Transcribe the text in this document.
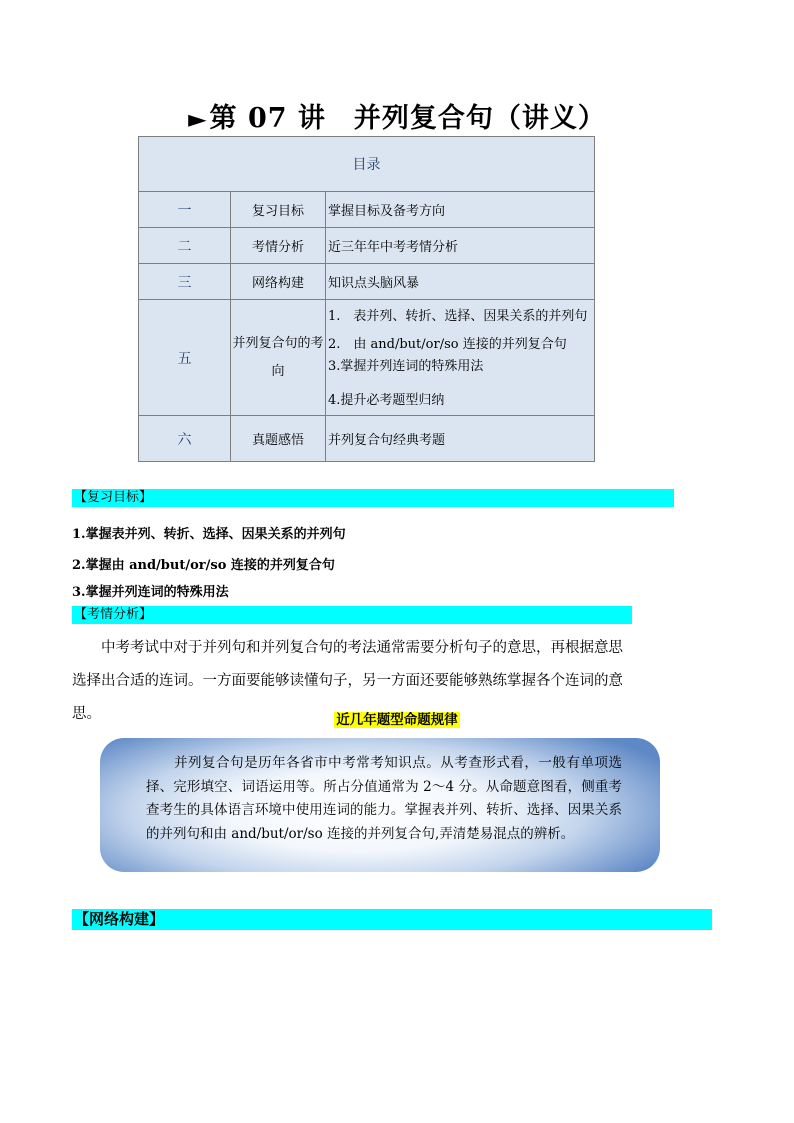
►第 07 讲　并列复合句（讲义）
目录		
一	复习目标	掌握目标及备考方向
二	考情分析	近三年年中考考情分析
三	网络构建	知识点头脑风暴
五	并列复合句的考向	1.　表并列、转折、选择、因果关系的并列句
2.　由 and/but/or/so 连接的并列复合句
3.掌握并列连词的特殊用法
4.提升必考题型归纳

六	真题感悟	并列复合句经典考题
【复习目标】
1.掌握表并列、转折、选择、因果关系的并列句
2.掌握由 and/but/or/so 连接的并列复合句
3.掌握并列连词的特殊用法
【考情分析】
中考考试中对于并列句和并列复合句的考法通常需要分析句子的意思，再根据意思选择出合适的连词。一方面要能够读懂句子，另一方面还要能够熟练掌握各个连词的意思。	近几年题型命题规律

并列复合句是历年各省市中考常考知识点。从考查形式看，一般有单项选择、完形填空、词语运用等。所占分值通常为 2～4 分。从命题意图看，侧重考查考生的具体语言环境中使用连词的能力。掌握表并列、转折、选择、因果关系的并列句和由 and/but/or/so 连接的并列复合句,弄清楚易混点的辨析。

【网络构建】
